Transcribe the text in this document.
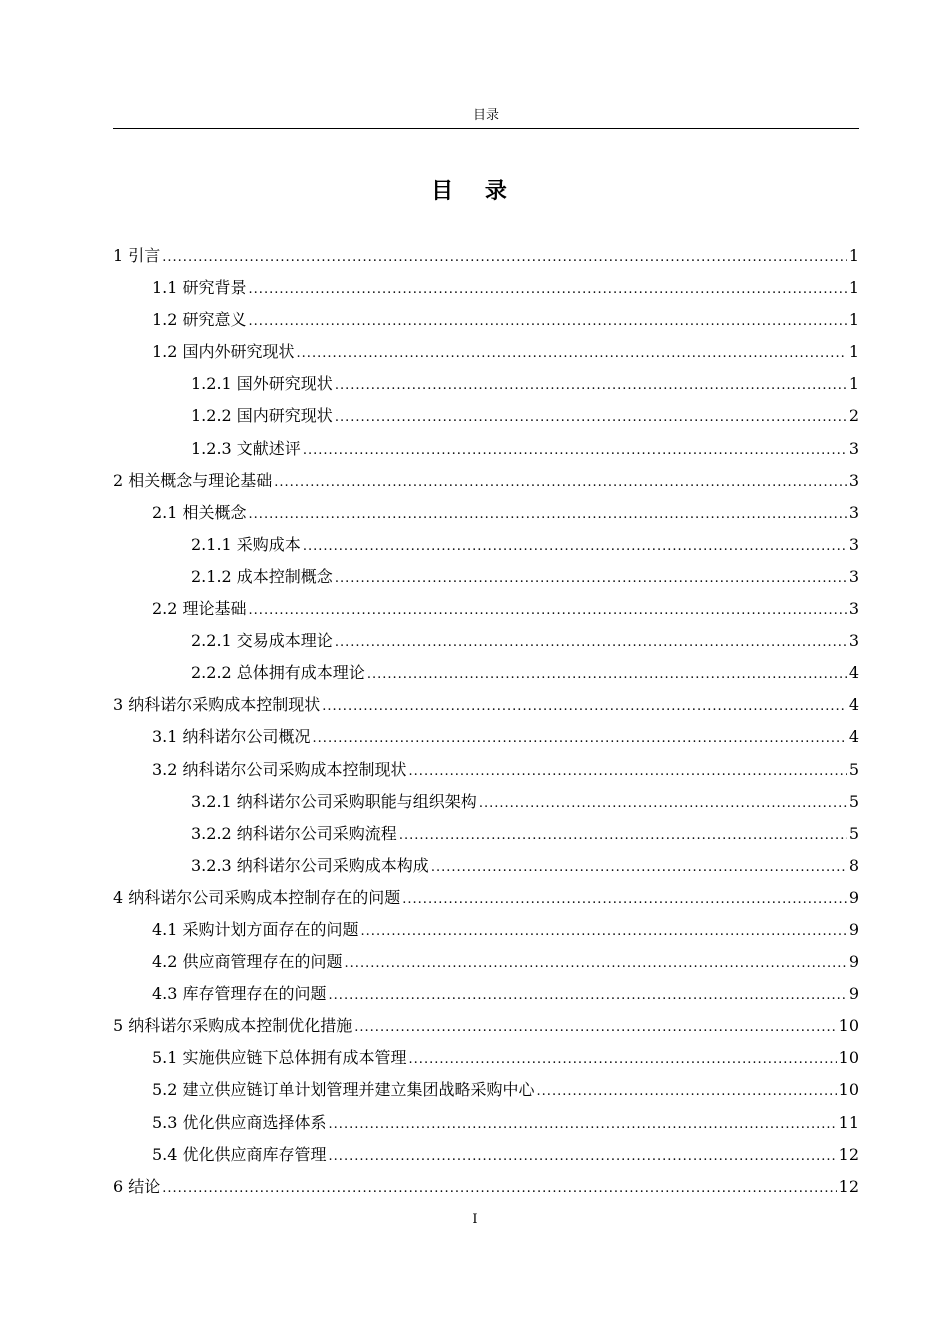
目录
目 录
1 引言 .....	1
1.1 研究背景 .....	1
1.2 研究意义 .....	1
1.2 国内外研究现状 .....	1
1.2.1 国外研究现状 .....	1
1.2.2 国内研究现状 .....	2
1.2.3 文献述评 .....	3
2 相关概念与理论基础 .....	3
2.1 相关概念 .....	3
2.1.1 采购成本 .....	3
2.1.2 成本控制概念 .....	3
2.2 理论基础 .....	3
2.2.1 交易成本理论 .....	3
2.2.2 总体拥有成本理论 .....	4
3 纳科诺尔采购成本控制现状 .....	4
3.1 纳科诺尔公司概况 .....	4
3.2 纳科诺尔公司采购成本控制现状 .....	5
3.2.1 纳科诺尔公司采购职能与组织架构 .....	5
3.2.2 纳科诺尔公司采购流程 .....	5
3.2.3 纳科诺尔公司采购成本构成 .....	8
4 纳科诺尔公司采购成本控制存在的问题 .....	9
4.1 采购计划方面存在的问题 .....	9
4.2 供应商管理存在的问题 .....	9
4.3 库存管理存在的问题 .....	9
5 纳科诺尔采购成本控制优化措施 .....	10
5.1 实施供应链下总体拥有成本管理 .....	10
5.2 建立供应链订单计划管理并建立集团战略采购中心 .....	10
5.3 优化供应商选择体系 .....	11
5.4 优化供应商库存管理 .....	12
6 结论 .....	12
I
